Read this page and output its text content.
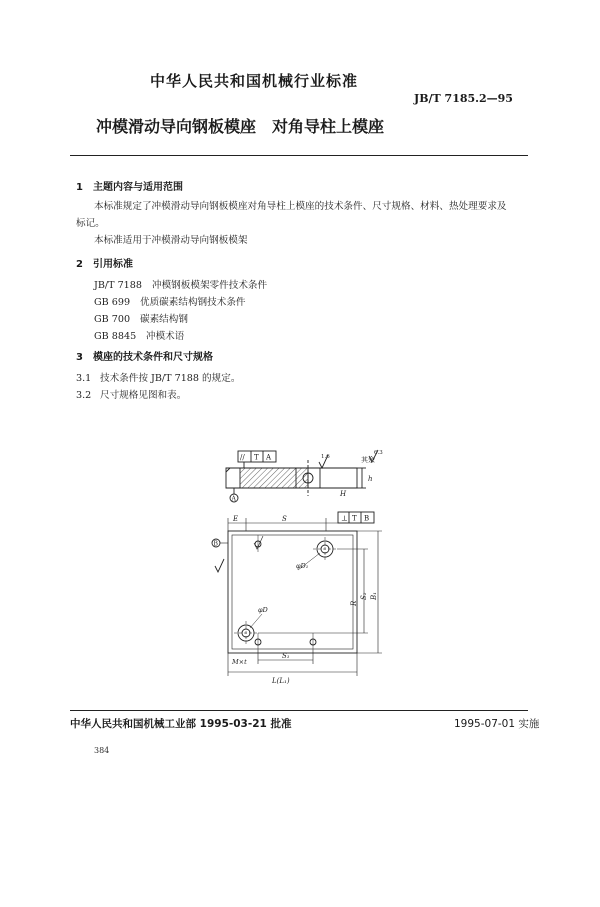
中华人民共和国机械行业标准
JB/T 7185.2—95
冲模滑动导向钢板模座　对角导柱上模座
1　主题内容与适用范围
本标准规定了冲模滑动导向钢板模座对角导柱上模座的技术条件、尺寸规格、材料、热处理要求及
标记。
本标准适用于冲模滑动导向钢板模架
2　引用标准
JB/T 7188 冲模钢板模架零件技术条件
GB 699 优质碳素结构钢技术条件
GB 700 碳素结构钢
GB 8845 冲模术语
3　模座的技术条件和尺寸规格
3.1 技术条件按 JB/T 7188 的规定。
3.2 尺寸规格见图和表。
// T A	1.6	其余
6.3
A
h
H
⊥ T B
E	S
B
φD₁
φD
R
S₂ B₁
S₁
M×t
L(L₁)
中华人民共和国机械工业部 1995-03-21 批准	1995-07-01 实施
384
